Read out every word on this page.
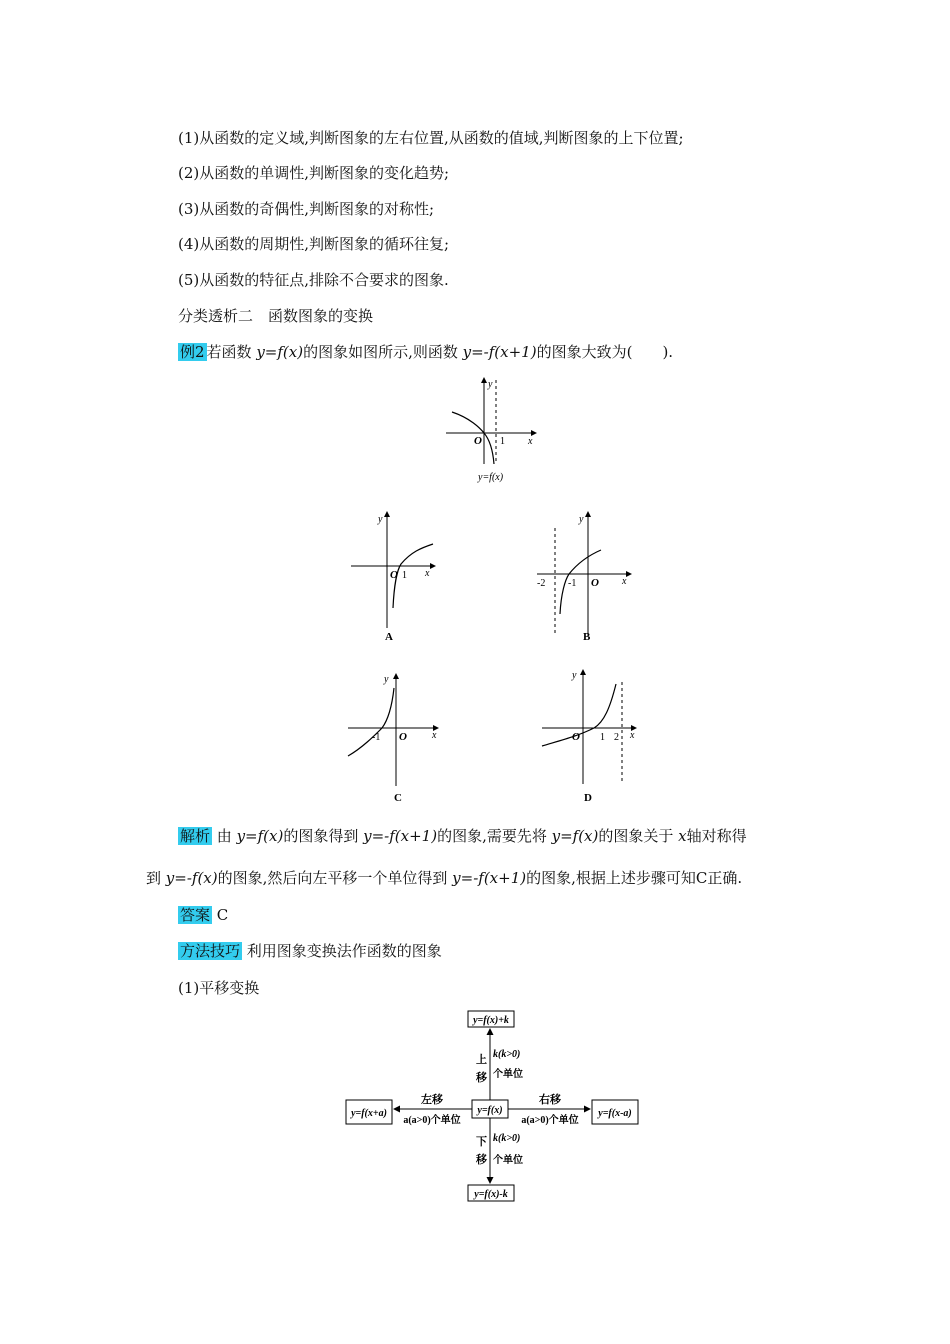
(1)从函数的定义域,判断图象的左右位置,从函数的值域,判断图象的上下位置;
(2)从函数的单调性,判断图象的变化趋势;
(3)从函数的奇偶性,判断图象的对称性;
(4)从函数的周期性,判断图象的循环往复;
(5)从函数的特征点,排除不合要求的图象.
分类透析二　函数图象的变换
例2 若函数 y=f(x)的图象如图所示,则函数 y=-f(x+1)的图象大致为(　　).
y
x
O 1
y=f(x)
y
x
O 1
A
y
x
-2 -1 O
B
y
x
-1 O
C
y
x
O 1 2
D
解析 由 y=f(x)的图象得到 y=-f(x+1)的图象,需要先将 y=f(x)的图象关于 x轴对称得
到 y=-f(x)的图象,然后向左平移一个单位得到 y=-f(x+1)的图象,根据上述步骤可知C正确.
答案 C
方法技巧 利用图象变换法作函数的图象
(1)平移变换
y=f(x)+k
y=f(x+a)	y=f(x)	y=f(x-a)
y=f(x)-k
上
移
k(k>0)
个单位
下
移
k(k>0)
个单位
左移
a(a>0)个单位
右移
a(a>0)个单位
